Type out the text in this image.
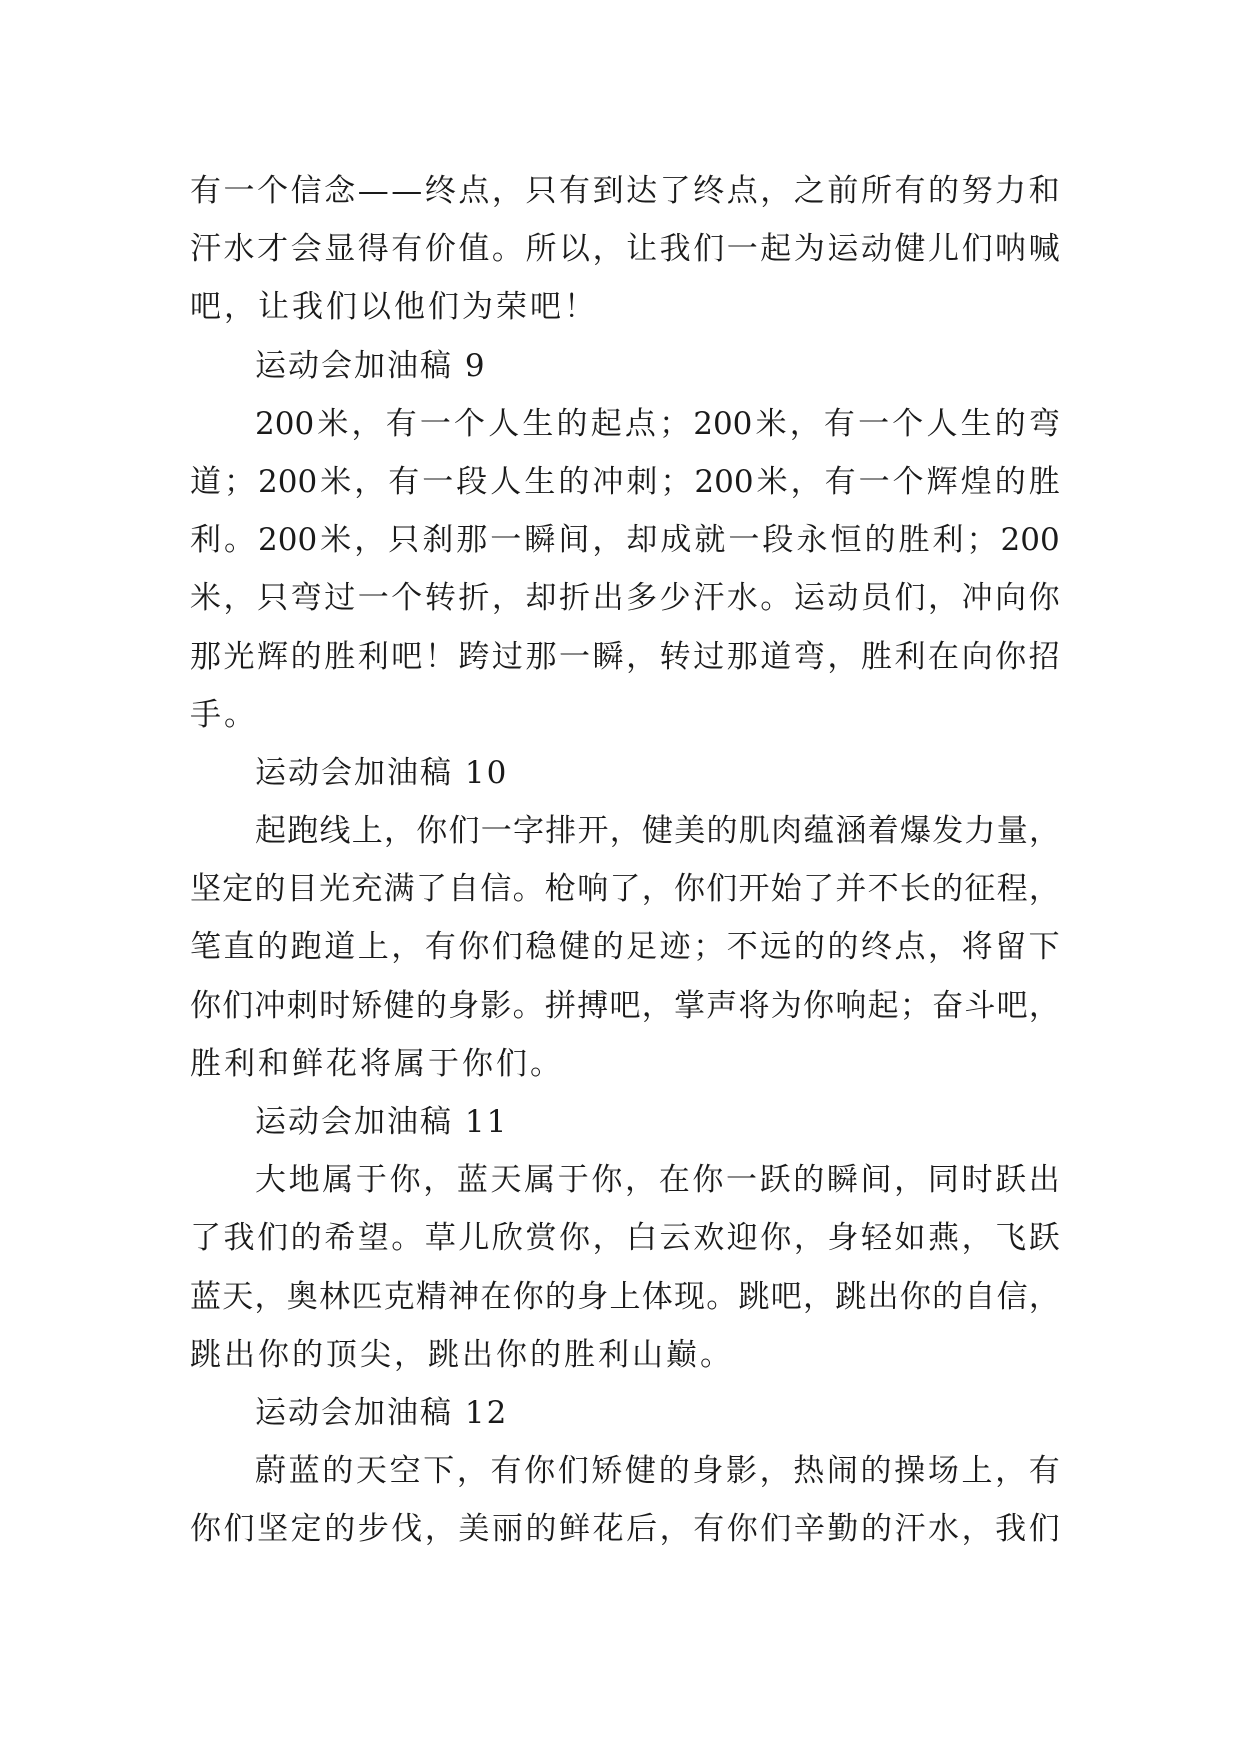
有 一 个 信 念 — — 终 点 ， 只 有 到 达 了 终 点 ， 之 前 所 有 的 努 力 和
汗 水 才 会 显 得 有 价 值 。 所 以 ， 让 我 们 一 起 为 运 动 健 儿 们 呐 喊
吧，让我们以他们为荣吧！
运动会加油稿 9
200 米 ， 有 一 个 人 生 的 起 点 ； 200 米 ， 有 一 个 人 生 的 弯
道 ； 200 米 ， 有 一 段 人 生 的 冲 刺 ； 200 米 ， 有 一 个 辉 煌 的 胜
利 。 200 米 ， 只 刹 那 一 瞬 间 ， 却 成 就 一 段 永 恒 的 胜 利 ； 200
米 ， 只 弯 过 一 个 转 折 ， 却 折 出 多 少 汗 水 。 运 动 员 们 ， 冲 向 你
那 光 辉 的 胜 利 吧 ！ 跨 过 那 一 瞬 ， 转 过 那 道 弯 ， 胜 利 在 向 你 招
手。
运动会加油稿 10
起 跑 线 上 ， 你 们 一 字 排 开 ， 健 美 的 肌 肉 蕴 涵 着 爆 发 力 量 ，
坚 定 的 目 光 充 满 了 自 信 。 枪 响 了 ， 你 们 开 始 了 并 不 长 的 征 程 ，
笔 直 的 跑 道 上 ， 有 你 们 稳 健 的 足 迹 ； 不 远 的 的 终 点 ， 将 留 下
你 们 冲 刺 时 矫 健 的 身 影 。 拼 搏 吧 ， 掌 声 将 为 你 响 起 ； 奋 斗 吧 ，
胜利和鲜花将属于你们。
运动会加油稿 11
大 地 属 于 你 ， 蓝 天 属 于 你 ， 在 你 一 跃 的 瞬 间 ， 同 时 跃 出
了 我 们 的 希 望 。 草 儿 欣 赏 你 ， 白 云 欢 迎 你 ， 身 轻 如 燕 ， 飞 跃
蓝 天 ， 奥 林 匹 克 精 神 在 你 的 身 上 体 现 。 跳 吧 ， 跳 出 你 的 自 信 ，
跳出你的顶尖，跳出你的胜利山巅。
运动会加油稿 12
蔚 蓝 的 天 空 下 ， 有 你 们 矫 健 的 身 影 ， 热 闹 的 操 场 上 ， 有
你 们 坚 定 的 步 伐 ， 美 丽 的 鲜 花 后 ， 有 你 们 辛 勤 的 汗 水 ， 我 们
